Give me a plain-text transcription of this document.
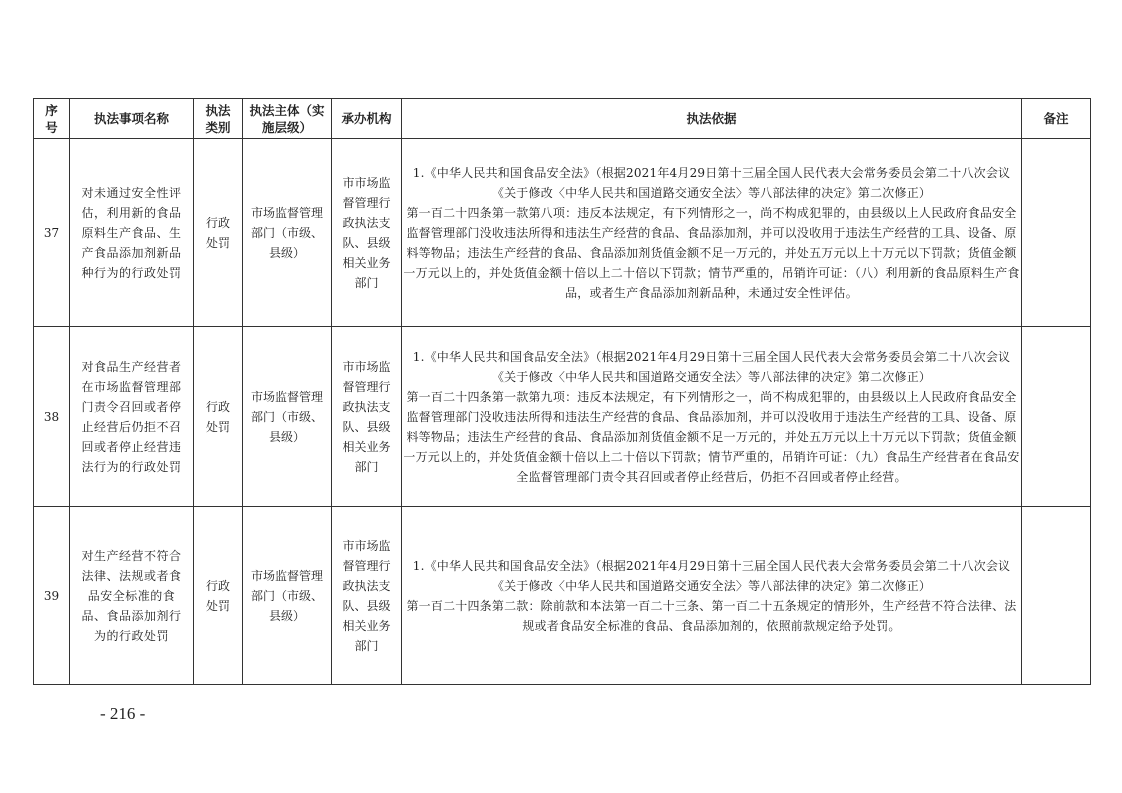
序号	执法事项名称	执法类别	执法主体（实施层级）	承办机构	执法依据	备注

37	对未通过安全性评估，利用新的食品原料生产食品、生产食品添加剂新品种行为的行政处罚	行政处罚	市场监督管理部门（市级、县级）	市市场监督管理行政执法支队、县级相关业务部门	1.《中华人民共和国食品安全法》（根据2021年4月29日第十三届全国人民代表大会常务委员会第二十八次会议《关于修改〈中华人民共和国道路交通安全法〉等八部法律的决定》第二次修正）
第一百二十四条第一款第八项：违反本法规定，有下列情形之一，尚不构成犯罪的，由县级以上人民政府食品安全监督管理部门没收违法所得和违法生产经营的食品、食品添加剂，并可以没收用于违法生产经营的工具、设备、原料等物品；违法生产经营的食品、食品添加剂货值金额不足一万元的，并处五万元以上十万元以下罚款；货值金额一万元以上的，并处货值金额十倍以上二十倍以下罚款；情节严重的，吊销许可证：（八）利用新的食品原料生产食品，或者生产食品添加剂新品种，未通过安全性评估。	

38	对食品生产经营者在市场监督管理部门责令召回或者停止经营后仍拒不召回或者停止经营违法行为的行政处罚	行政处罚	市场监督管理部门（市级、县级）	市市场监督管理行政执法支队、县级相关业务部门	1.《中华人民共和国食品安全法》（根据2021年4月29日第十三届全国人民代表大会常务委员会第二十八次会议《关于修改〈中华人民共和国道路交通安全法〉等八部法律的决定》第二次修正）
第一百二十四条第一款第九项：违反本法规定，有下列情形之一，尚不构成犯罪的，由县级以上人民政府食品安全监督管理部门没收违法所得和违法生产经营的食品、食品添加剂，并可以没收用于违法生产经营的工具、设备、原料等物品；违法生产经营的食品、食品添加剂货值金额不足一万元的，并处五万元以上十万元以下罚款；货值金额一万元以上的，并处货值金额十倍以上二十倍以下罚款；情节严重的，吊销许可证：（九）食品生产经营者在食品安全监督管理部门责令其召回或者停止经营后，仍拒不召回或者停止经营。	

39	对生产经营不符合法律、法规或者食品安全标准的食品、食品添加剂行为的行政处罚	行政处罚	市场监督管理部门（市级、县级）	市市场监督管理行政执法支队、县级相关业务部门	1.《中华人民共和国食品安全法》（根据2021年4月29日第十三届全国人民代表大会常务委员会第二十八次会议《关于修改〈中华人民共和国道路交通安全法〉等八部法律的决定》第二次修正）
第一百二十四条第二款：除前款和本法第一百二十三条、第一百二十五条规定的情形外，生产经营不符合法律、法规或者食品安全标准的食品、食品添加剂的，依照前款规定给予处罚。	

- 216 -
